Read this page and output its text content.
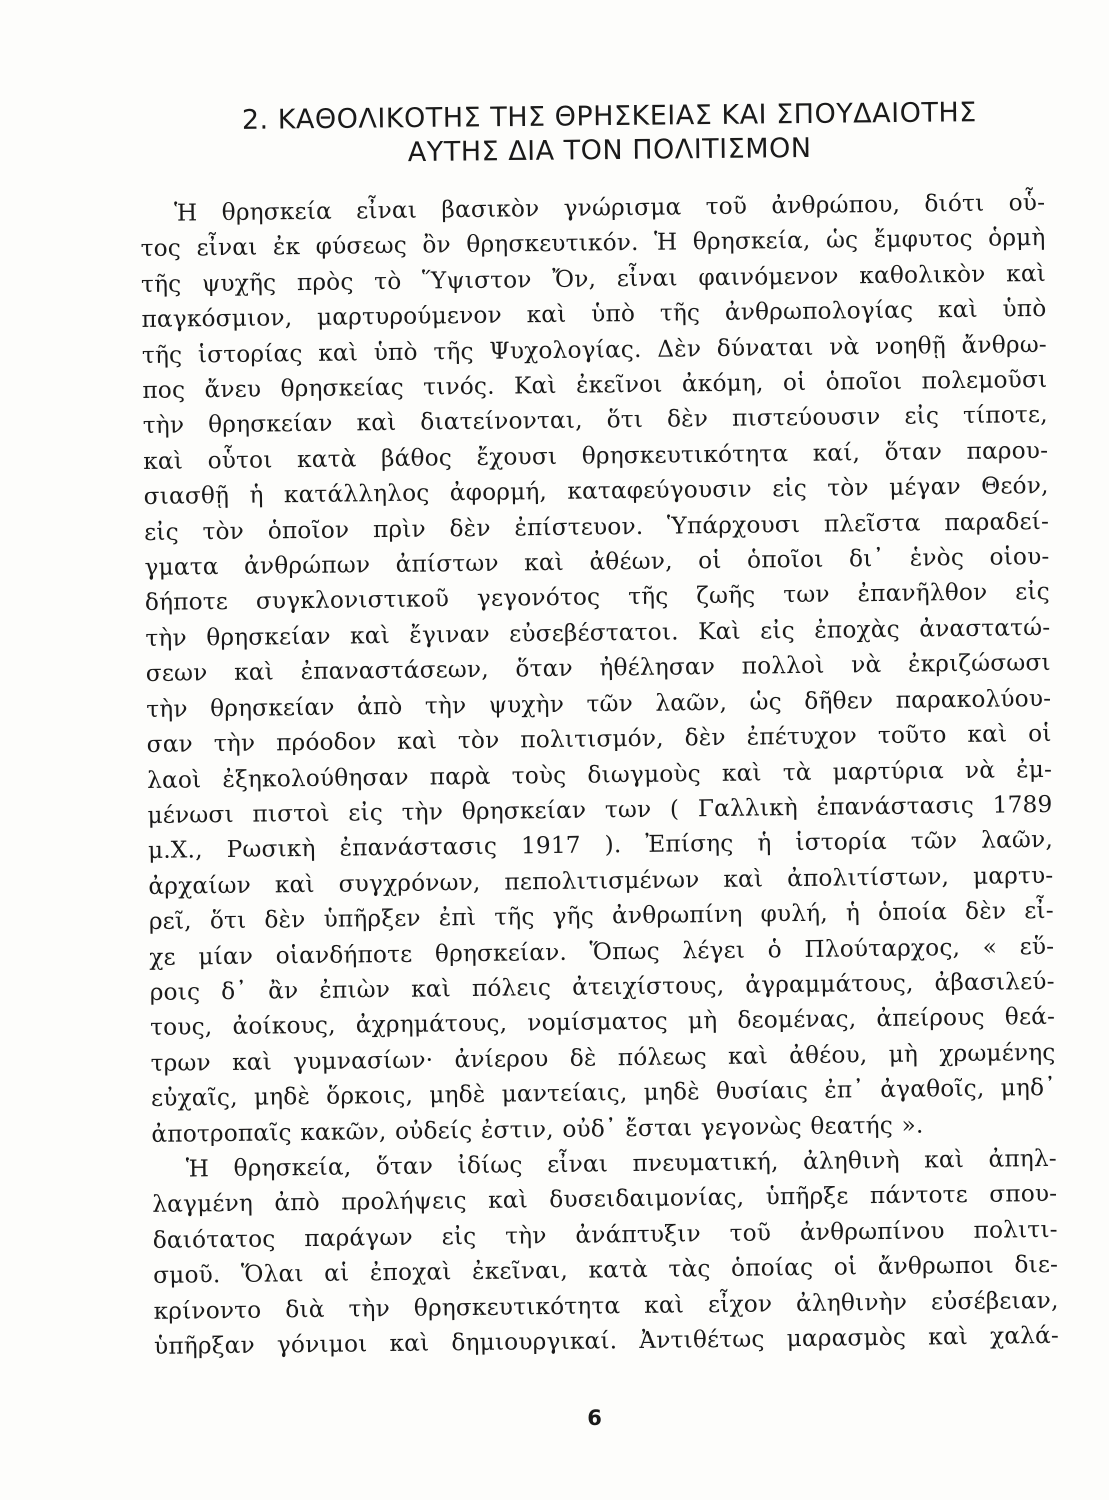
2. ΚΑΘΟΛΙΚΟΤΗΣ ΤΗΣ ΘΡΗΣΚΕΙΑΣ ΚΑΙ ΣΠΟΥΔΑΙΟΤΗΣ
ΑΥΤΗΣ ΔΙΑ ΤΟΝ ΠΟΛΙΤΙΣΜΟΝ
Ἡ θρησκεία εἶναι βασικὸν γνώρισμα τοῦ ἀνθρώπου, διότι οὗ-
τος εἶναι ἐκ φύσεως ὂν θρησκευτικόν. Ἡ θρησκεία, ὡς ἔμφυτος ὁρμὴ
τῆς ψυχῆς πρὸς τὸ Ὕψιστον Ὄν, εἶναι φαινόμενον καθολικὸν καὶ
παγκόσμιον, μαρτυρούμενον καὶ ὑπὸ τῆς ἀνθρωπολογίας καὶ ὑπὸ
τῆς ἱστορίας καὶ ὑπὸ τῆς Ψυχολογίας. Δὲν δύναται νὰ νοηθῇ ἄνθρω-
πος ἄνευ θρησκείας τινός. Καὶ ἐκεῖνοι ἀκόμη, οἱ ὁποῖοι πολεμοῦσι
τὴν θρησκείαν καὶ διατείνονται, ὅτι δὲν πιστεύουσιν εἰς τίποτε,
καὶ οὗτοι κατὰ βάθος ἔχουσι θρησκευτικότητα καί, ὅταν παρου-
σιασθῇ ἡ κατάλληλος ἀφορμή, καταφεύγουσιν εἰς τὸν μέγαν Θεόν,
εἰς τὸν ὁποῖον πρὶν δὲν ἐπίστευον. Ὑπάρχουσι πλεῖστα παραδεί-
γματα ἀνθρώπων ἀπίστων καὶ ἀθέων, οἱ ὁποῖοι δι᾿ ἑνὸς οἱου-
δήποτε συγκλονιστικοῦ γεγονότος τῆς ζωῆς των ἐπανῆλθον εἰς
τὴν θρησκείαν καὶ ἔγιναν εὐσεβέστατοι. Καὶ εἰς ἐποχὰς ἀναστατώ-
σεων καὶ ἐπαναστάσεων, ὅταν ἠθέλησαν πολλοὶ νὰ ἐκριζώσωσι
τὴν θρησκείαν ἀπὸ τὴν ψυχὴν τῶν λαῶν, ὡς δῆθεν παρακολύου-
σαν τὴν πρόοδον καὶ τὸν πολιτισμόν, δὲν ἐπέτυχον τοῦτο καὶ οἱ
λαοὶ ἐξηκολούθησαν παρὰ τοὺς διωγμοὺς καὶ τὰ μαρτύρια νὰ ἐμ-
μένωσι πιστοὶ εἰς τὴν θρησκείαν των ( Γαλλικὴ ἐπανάστασις 1789
μ.Χ., Ρωσικὴ ἐπανάστασις 1917 ). Ἐπίσης ἡ ἱστορία τῶν λαῶν,
ἀρχαίων καὶ συγχρόνων, πεπολιτισμένων καὶ ἀπολιτίστων, μαρτυ-
ρεῖ, ὅτι δὲν ὑπῆρξεν ἐπὶ τῆς γῆς ἀνθρωπίνη φυλή, ἡ ὁποία δὲν εἶ-
χε μίαν οἱανδήποτε θρησκείαν. Ὅπως λέγει ὁ Πλούταρχος, « εὕ-
ροις δ᾿ ἂν ἐπιὼν καὶ πόλεις ἀτειχίστους, ἀγραμμάτους, ἀβασιλεύ-
τους, ἀοίκους, ἀχρημάτους, νομίσματος μὴ δεομένας, ἀπείρους θεά-
τρων καὶ γυμνασίων· ἀνίερου δὲ πόλεως καὶ ἀθέου, μὴ χρωμένης
εὐχαῖς, μηδὲ ὅρκοις, μηδὲ μαντείαις, μηδὲ θυσίαις ἐπ᾿ ἀγαθοῖς, μηδ᾿
ἀποτροπαῖς κακῶν, οὐδείς ἐστιν, οὐδ᾿ ἔσται γεγονὼς θεατής ».
Ἡ θρησκεία, ὅταν ἰδίως εἶναι πνευματική, ἀληθινὴ καὶ ἀπηλ-
λαγμένη ἀπὸ προλήψεις καὶ δυσειδαιμονίας, ὑπῆρξε πάντοτε σπου-
δαιότατος παράγων εἰς τὴν ἀνάπτυξιν τοῦ ἀνθρωπίνου πολιτι-
σμοῦ. Ὅλαι αἱ ἐποχαὶ ἐκεῖναι, κατὰ τὰς ὁποίας οἱ ἄνθρωποι διε-
κρίνοντο διὰ τὴν θρησκευτικότητα καὶ εἶχον ἀληθινὴν εὐσέβειαν,
ὑπῆρξαν γόνιμοι καὶ δημιουργικαί. Ἀντιθέτως μαρασμὸς καὶ χαλά-
6
